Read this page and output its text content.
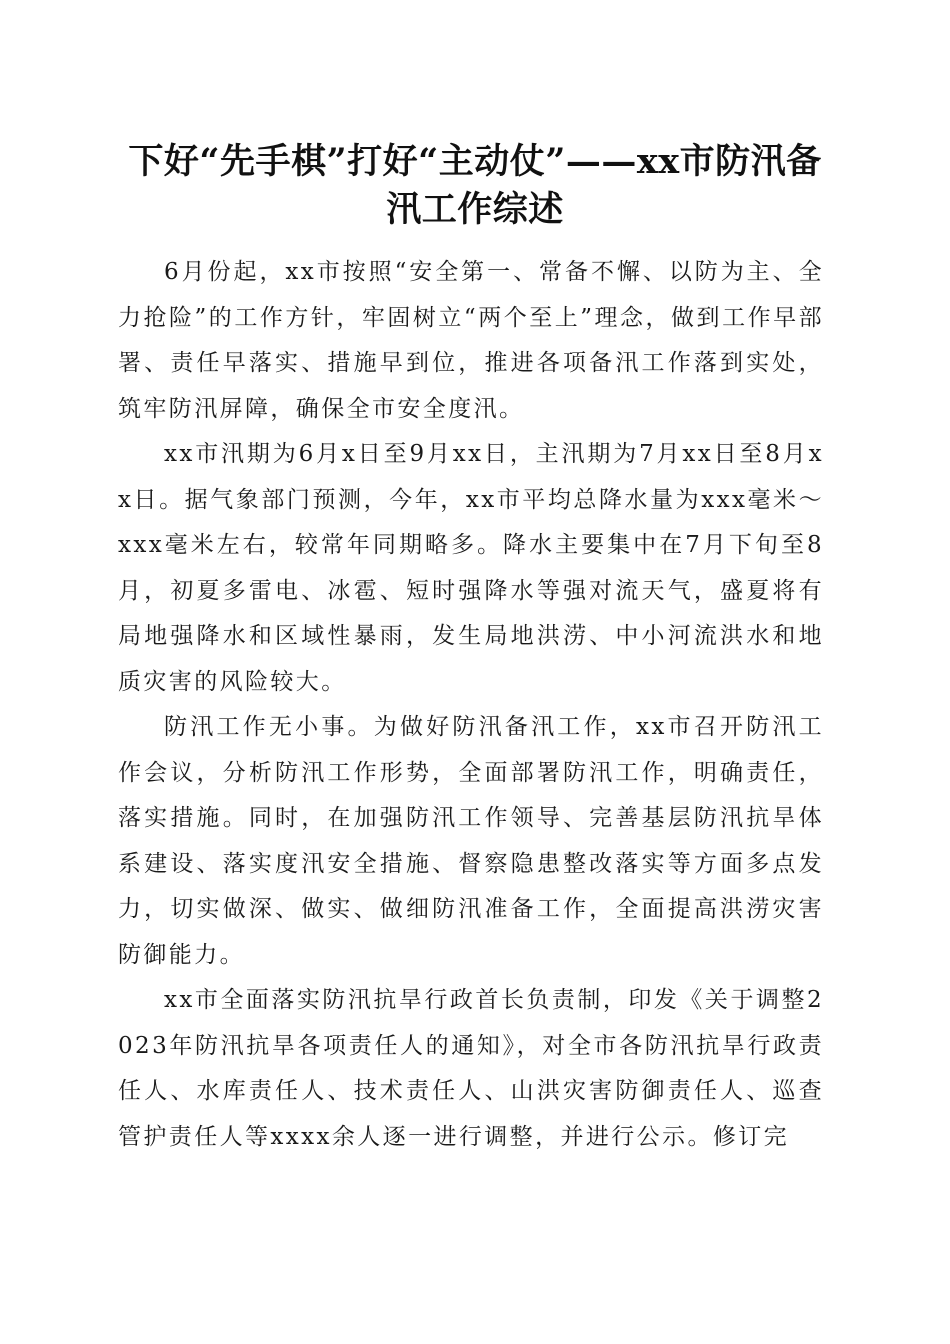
下好“先手棋”打好“主动仗”——xx市防汛备汛工作综述

6月份起，xx市按照“安全第一、常备不懈、以防为主、全力抢险”的工作方针，牢固树立“两个至上”理念，做到工作早部署、责任早落实、措施早到位，推进各项备汛工作落到实处，筑牢防汛屏障，确保全市安全度汛。

xx市汛期为6月x日至9月xx日，主汛期为7月xx日至8月xx日。据气象部门预测，今年，xx市平均总降水量为xxx毫米～xxx毫米左右，较常年同期略多。降水主要集中在7月下旬至8月，初夏多雷电、冰雹、短时强降水等强对流天气，盛夏将有局地强降水和区域性暴雨，发生局地洪涝、中小河流洪水和地质灾害的风险较大。

防汛工作无小事。为做好防汛备汛工作，xx市召开防汛工作会议，分析防汛工作形势，全面部署防汛工作，明确责任，落实措施。同时，在加强防汛工作领导、完善基层防汛抗旱体系建设、落实度汛安全措施、督察隐患整改落实等方面多点发力，切实做深、做实、做细防汛准备工作，全面提高洪涝灾害防御能力。

xx市全面落实防汛抗旱行政首长负责制，印发《关于调整2023年防汛抗旱各项责任人的通知》，对全市各防汛抗旱行政责任人、水库责任人、技术责任人、山洪灾害防御责任人、巡查管护责任人等xxxx余人逐一进行调整，并进行公示。修订完
